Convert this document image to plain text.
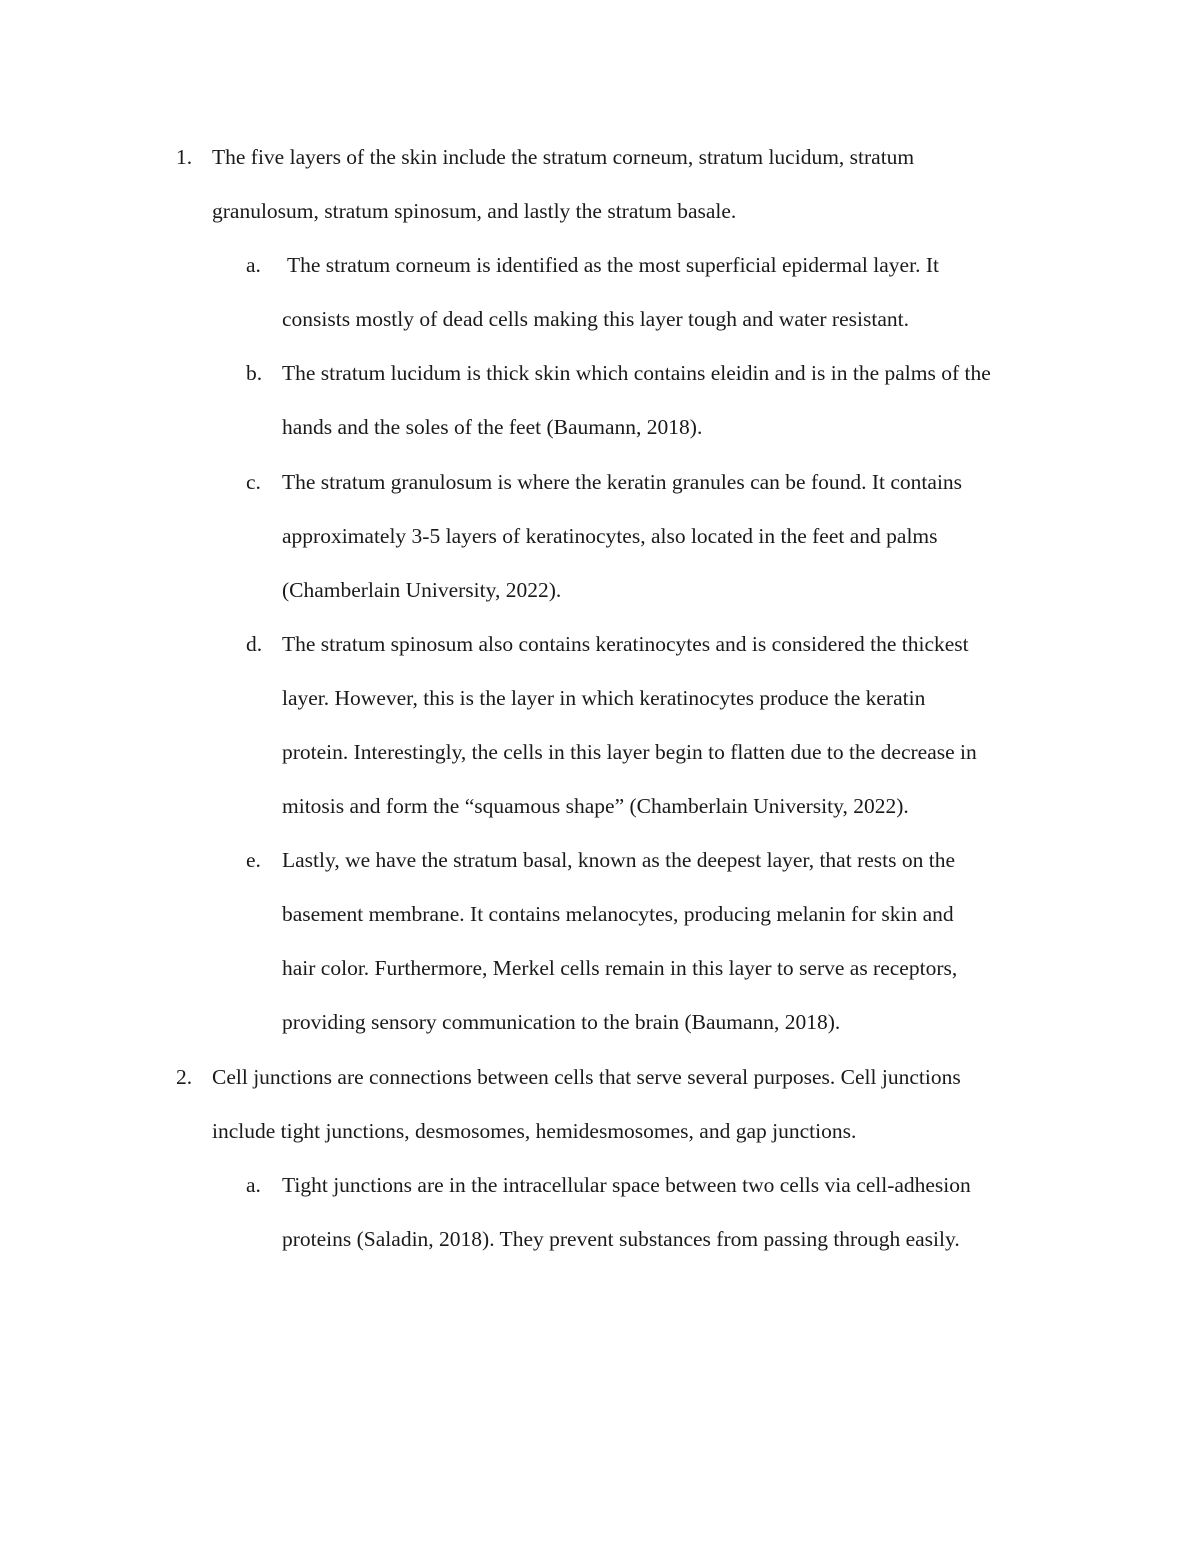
1. The five layers of the skin include the stratum corneum, stratum lucidum, stratum
granulosum, stratum spinosum, and lastly the stratum basale.
a. The stratum corneum is identified as the most superficial epidermal layer. It
consists mostly of dead cells making this layer tough and water resistant.
b. The stratum lucidum is thick skin which contains eleidin and is in the palms of the
hands and the soles of the feet (Baumann, 2018).
c. The stratum granulosum is where the keratin granules can be found. It contains
approximately 3-5 layers of keratinocytes, also located in the feet and palms
(Chamberlain University, 2022).
d. The stratum spinosum also contains keratinocytes and is considered the thickest
layer. However, this is the layer in which keratinocytes produce the keratin
protein. Interestingly, the cells in this layer begin to flatten due to the decrease in
mitosis and form the “squamous shape” (Chamberlain University, 2022).
e. Lastly, we have the stratum basal, known as the deepest layer, that rests on the
basement membrane. It contains melanocytes, producing melanin for skin and
hair color. Furthermore, Merkel cells remain in this layer to serve as receptors,
providing sensory communication to the brain (Baumann, 2018).
2. Cell junctions are connections between cells that serve several purposes. Cell junctions
include tight junctions, desmosomes, hemidesmosomes, and gap junctions.
a. Tight junctions are in the intracellular space between two cells via cell-adhesion
proteins (Saladin, 2018). They prevent substances from passing through easily.
